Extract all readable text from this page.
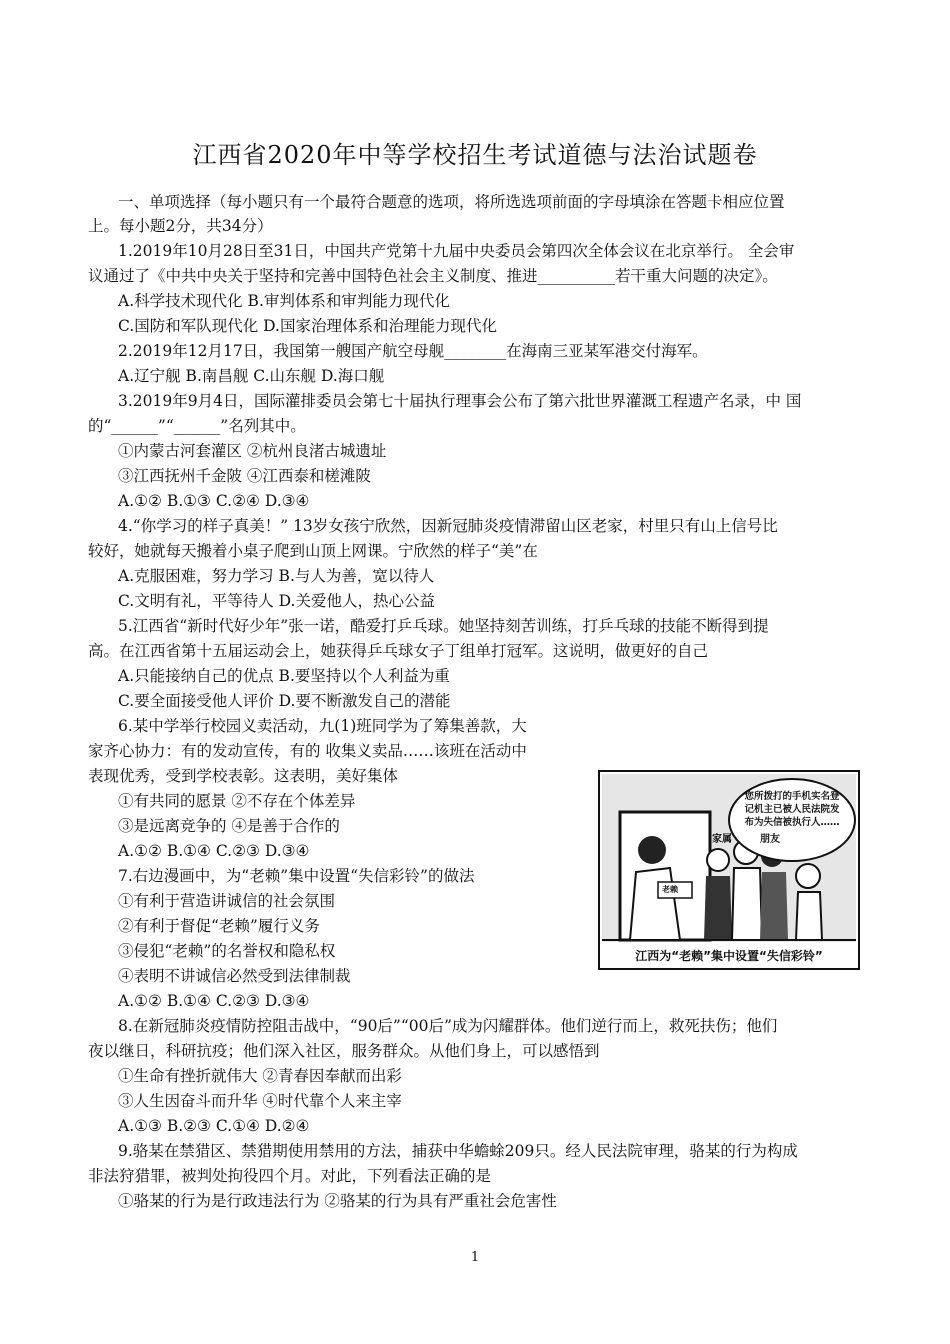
江西省2020年中等学校招生考试道德与法治试题卷
一、单项选择（每小题只有一个最符合题意的选项，将所选选项前面的字母填涂在答题卡相应位置
上。每小题2分，共34分）
1.2019年10月28日至31日，中国共产党第十九届中央委员会第四次全体会议在北京举行。 全会审
议通过了《中共中央关于坚持和完善中国特色社会主义制度、推进__________若干重大问题的决定》。
A.科学技术现代化 B.审判体系和审判能力现代化
C.国防和军队现代化 D.国家治理体系和治理能力现代化
2.2019年12月17日，我国第一艘国产航空母舰________在海南三亚某军港交付海军。
A.辽宁舰 B.南昌舰 C.山东舰 D.海口舰
3.2019年9月4日，国际灌排委员会第七十届执行理事会公布了第六批世界灌溉工程遗产名录，中 国
的“______”“______”名列其中。
①内蒙古河套灌区 ②杭州良渚古城遗址
③江西抚州千金陂 ④江西泰和槎滩陂
A.①② B.①③ C.②④ D.③④
4.“你学习的样子真美！” 13岁女孩宁欣然，因新冠肺炎疫情滞留山区老家，村里只有山上信号比
较好，她就每天搬着小桌子爬到山顶上网课。宁欣然的样子“美”在
A.克服困难，努力学习 B.与人为善，宽以待人
C.文明有礼，平等待人 D.关爱他人，热心公益
5.江西省“新时代好少年”张一诺，酷爱打乒乓球。她坚持刻苦训练，打乒乓球的技能不断得到提
高。在江西省第十五届运动会上，她获得乒乓球女子丁组单打冠军。这说明，做更好的自己
A.只能接纳自己的优点 B.要坚持以个人利益为重
C.要全面接受他人评价 D.要不断激发自己的潜能
6.某中学举行校园义卖活动，九(1)班同学为了筹集善款，大
家齐心协力：有的发动宣传，有的 收集义卖品……该班在活动中
表现优秀，受到学校表彰。这表明，美好集体
①有共同的愿景 ②不存在个体差异
③是远离竞争的 ④是善于合作的
A.①② B.①④ C.②③ D.③④
7.右边漫画中，为“老赖”集中设置“失信彩铃”的做法
①有利于营造讲诚信的社会氛围
②有利于督促“老赖”履行义务
③侵犯“老赖”的名誉权和隐私权
④表明不讲诚信必然受到法律制裁
A.①② B.①④ C.②③ D.③④
8.在新冠肺炎疫情防控阻击战中，“90后”“00后”成为闪耀群体。他们逆行而上，救死扶伤；他们
夜以继日，科研抗疫；他们深入社区，服务群众。从他们身上，可以感悟到
①生命有挫折就伟大 ②青春因奉献而出彩
③人生因奋斗而升华 ④时代靠个人来主宰
A.①③ B.②③ C.①④ D.②④
9.骆某在禁猎区、禁猎期使用禁用的方法，捕获中华蟾蜍209只。经人民法院审理，骆某的行为构成
非法狩猎罪，被判处拘役四个月。对此，下列看法正确的是
①骆某的行为是行政违法行为 ②骆某的行为具有严重社会危害性
您所拨打的手机实名登记机主已被人民法院发布为失信被执行人……
家属	朋友
老赖
江西为“老赖”集中设置“失信彩铃”
1
